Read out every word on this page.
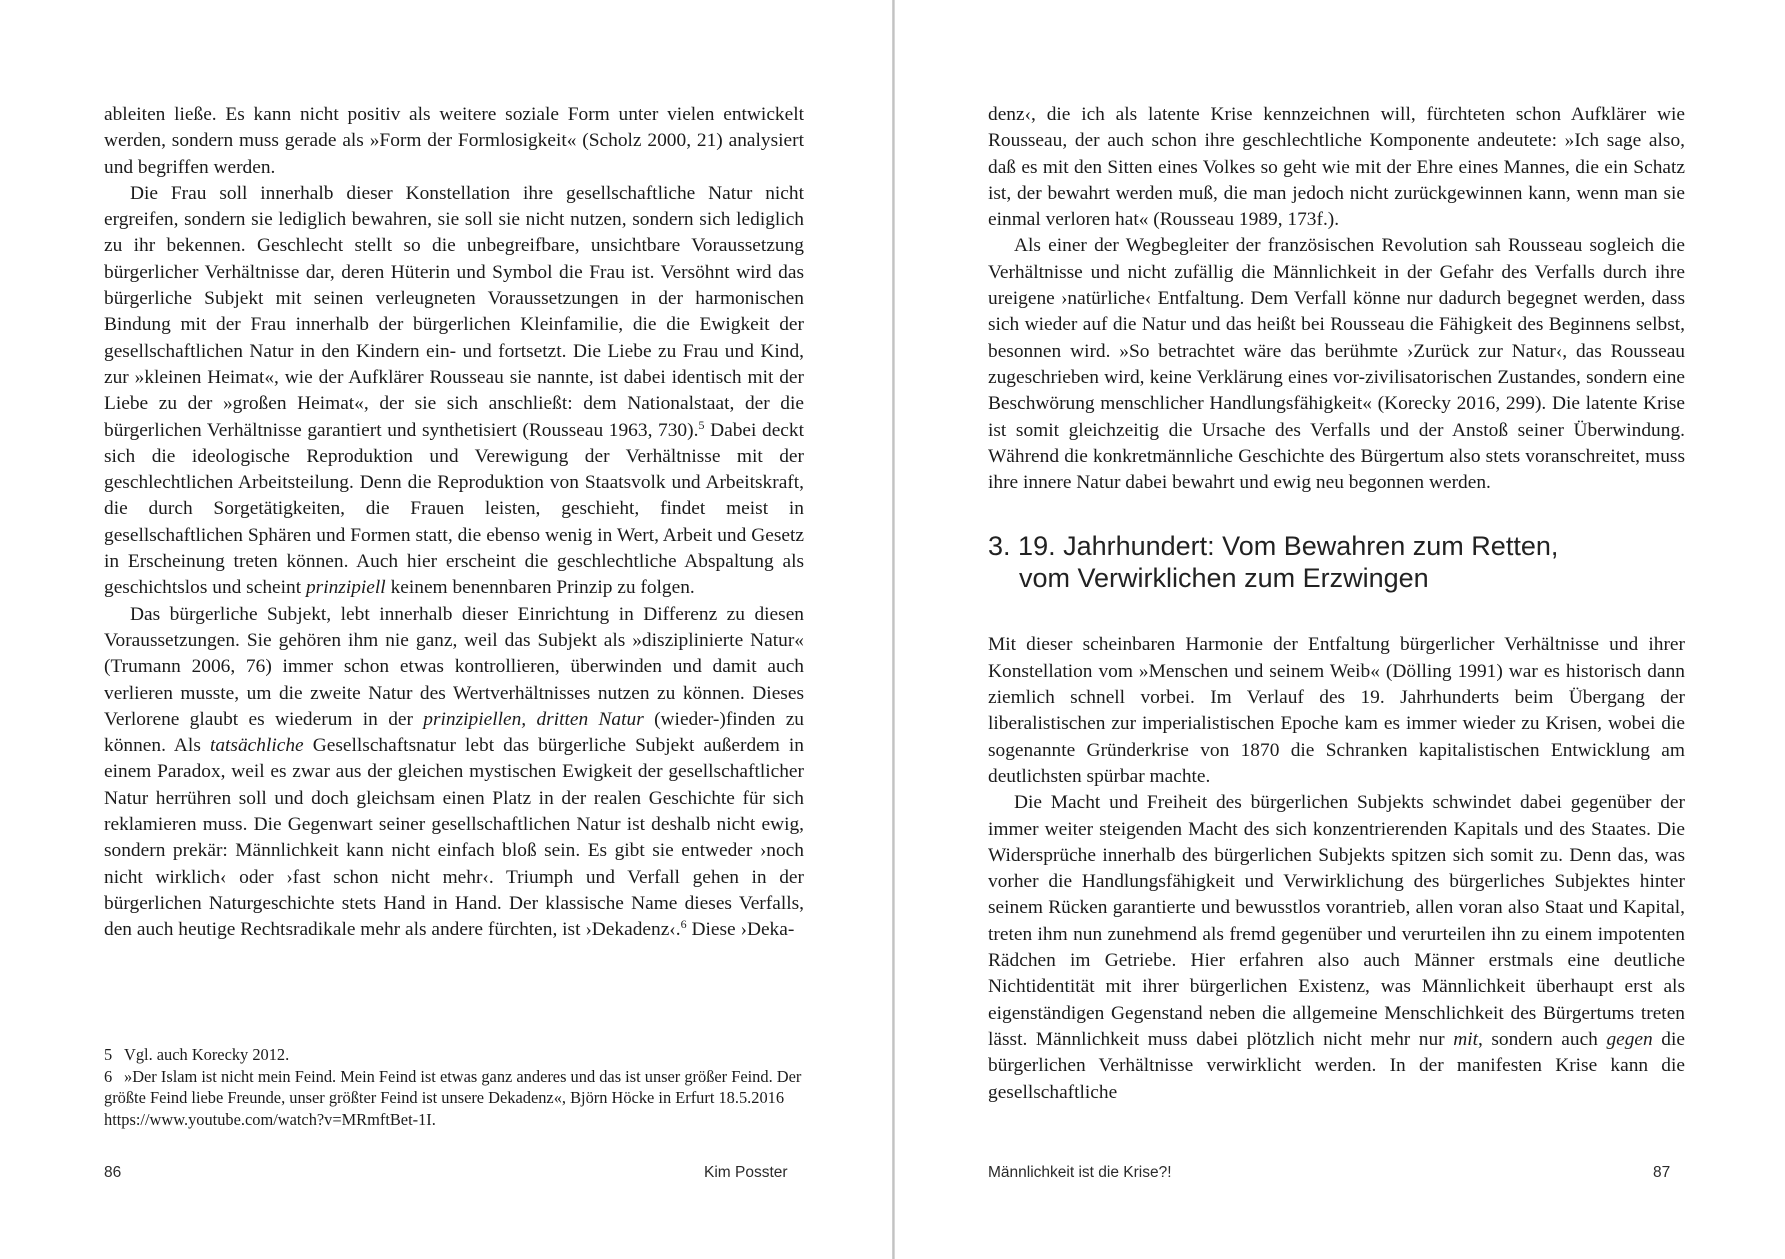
ableiten ließe. Es kann nicht positiv als weitere soziale Form unter vielen entwickelt werden, sondern muss gerade als »Form der Formlosigkeit« (Scholz 2000, 21) analysiert und begriffen werden.

Die Frau soll innerhalb dieser Konstellation ihre gesellschaftliche Natur nicht ergreifen, sondern sie lediglich bewahren, sie soll sie nicht nutzen, sondern sich lediglich zu ihr bekennen. Geschlecht stellt so die unbegreifbare, unsichtbare Voraussetzung bürgerlicher Verhältnisse dar, deren Hüterin und Symbol die Frau ist. Versöhnt wird das bürgerliche Subjekt mit seinen verleugneten Voraussetzungen in der harmonischen Bindung mit der Frau innerhalb der bürgerlichen Kleinfamilie, die die Ewigkeit der gesellschaftlichen Natur in den Kindern ein- und fortsetzt. Die Liebe zu Frau und Kind, zur »kleinen Heimat«, wie der Aufklärer Rousseau sie nannte, ist dabei identisch mit der Liebe zu der »großen Heimat«, der sie sich anschließt: dem Nationalstaat, der die bürgerlichen Verhältnisse garantiert und synthetisiert (Rousseau 1963, 730).$^5$ Dabei deckt sich die ideologische Reproduktion und Verewigung der Verhältnisse mit der geschlechtlichen Arbeitsteilung. Denn die Reproduktion von Staatsvolk und Arbeitskraft, die durch Sorgetätigkeiten, die Frauen leisten, geschieht, findet meist in gesellschaftlichen Sphären und Formen statt, die ebenso wenig in Wert, Arbeit und Gesetz in Erscheinung treten können. Auch hier erscheint die geschlechtliche Abspaltung als geschichtslos und scheint prinzipiell keinem benennbaren Prinzip zu folgen.

Das bürgerliche Subjekt, lebt innerhalb dieser Einrichtung in Differenz zu diesen Voraussetzungen. Sie gehören ihm nie ganz, weil das Subjekt als »disziplinierte Natur« (Trumann 2006, 76) immer schon etwas kontrollieren, überwinden und damit auch verlieren musste, um die zweite Natur des Wertverhältnisses nutzen zu können. Dieses Verlorene glaubt es wiederum in der prinzipiellen, dritten Natur (wieder-)finden zu können. Als tatsächliche Gesellschaftsnatur lebt das bürgerliche Subjekt außerdem in einem Paradox, weil es zwar aus der gleichen mystischen Ewigkeit der gesellschaftlicher Natur herrühren soll und doch gleichsam einen Platz in der realen Geschichte für sich reklamieren muss. Die Gegenwart seiner gesellschaftlichen Natur ist deshalb nicht ewig, sondern prekär: Männlichkeit kann nicht einfach bloß sein. Es gibt sie entweder ›noch nicht wirklich‹ oder ›fast schon nicht mehr‹. Triumph und Verfall gehen in der bürgerlichen Naturgeschichte stets Hand in Hand. Der klassische Name dieses Verfalls, den auch heutige Rechtsradikale mehr als andere fürchten, ist ›Dekadenz‹.$^6$ Diese ›Deka-

5 Vgl. auch Korecky 2012.

6 »Der Islam ist nicht mein Feind. Mein Feind ist etwas ganz anderes und das ist unser größer Feind. Der größte Feind liebe Freunde, unser größter Feind ist unsere Dekadenz«, Björn Höcke in Erfurt 18.5.2016 https://www.youtube.com/watch?v=MRmftBet-1I.

86	Kim Posster

denz‹, die ich als latente Krise kennzeichnen will, fürchteten schon Aufklärer wie Rousseau, der auch schon ihre geschlechtliche Komponente andeutete: »Ich sage also, daß es mit den Sitten eines Volkes so geht wie mit der Ehre eines Mannes, die ein Schatz ist, der bewahrt werden muß, die man jedoch nicht zurückgewinnen kann, wenn man sie einmal verloren hat« (Rousseau 1989, 173f.).

Als einer der Wegbegleiter der französischen Revolution sah Rousseau sogleich die Verhältnisse und nicht zufällig die Männlichkeit in der Gefahr des Verfalls durch ihre ureigene ›natürliche‹ Entfaltung. Dem Verfall könne nur dadurch begegnet werden, dass sich wieder auf die Natur und das heißt bei Rousseau die Fähigkeit des Beginnens selbst, besonnen wird. »So betrachtet wäre das berühmte ›Zurück zur Natur‹, das Rousseau zugeschrieben wird, keine Verklärung eines vor-zivilisatorischen Zustandes, sondern eine Beschwörung menschlicher Handlungsfähigkeit« (Korecky 2016, 299). Die latente Krise ist somit gleichzeitig die Ursache des Verfalls und der Anstoß seiner Überwindung. Während die konkretmännliche Geschichte des Bürgertum also stets voranschreitet, muss ihre innere Natur dabei bewahrt und ewig neu begonnen werden.

3. 19. Jahrhundert: Vom Bewahren zum Retten,
vom Verwirklichen zum Erzwingen

Mit dieser scheinbaren Harmonie der Entfaltung bürgerlicher Verhältnisse und ihrer Konstellation vom »Menschen und seinem Weib« (Dölling 1991) war es historisch dann ziemlich schnell vorbei. Im Verlauf des 19. Jahrhunderts beim Übergang der liberalistischen zur imperialistischen Epoche kam es immer wieder zu Krisen, wobei die sogenannte Gründerkrise von 1870 die Schranken kapitalistischen Entwicklung am deutlichsten spürbar machte.

Die Macht und Freiheit des bürgerlichen Subjekts schwindet dabei gegenüber der immer weiter steigenden Macht des sich konzentrierenden Kapitals und des Staates. Die Widersprüche innerhalb des bürgerlichen Subjekts spitzen sich somit zu. Denn das, was vorher die Handlungsfähigkeit und Verwirklichung des bürgerliches Subjektes hinter seinem Rücken garantierte und bewusstlos vorantrieb, allen voran also Staat und Kapital, treten ihm nun zunehmend als fremd gegenüber und verurteilen ihn zu einem impotenten Rädchen im Getriebe. Hier erfahren also auch Männer erstmals eine deutliche Nichtidentität mit ihrer bürgerlichen Existenz, was Männlichkeit überhaupt erst als eigenständigen Gegenstand neben die allgemeine Menschlichkeit des Bürgertums treten lässt. Männlichkeit muss dabei plötzlich nicht mehr nur mit, sondern auch gegen die bürgerlichen Verhältnisse verwirklicht werden. In der manifesten Krise kann die gesellschaftliche

Männlichkeit ist die Krise?!	87
